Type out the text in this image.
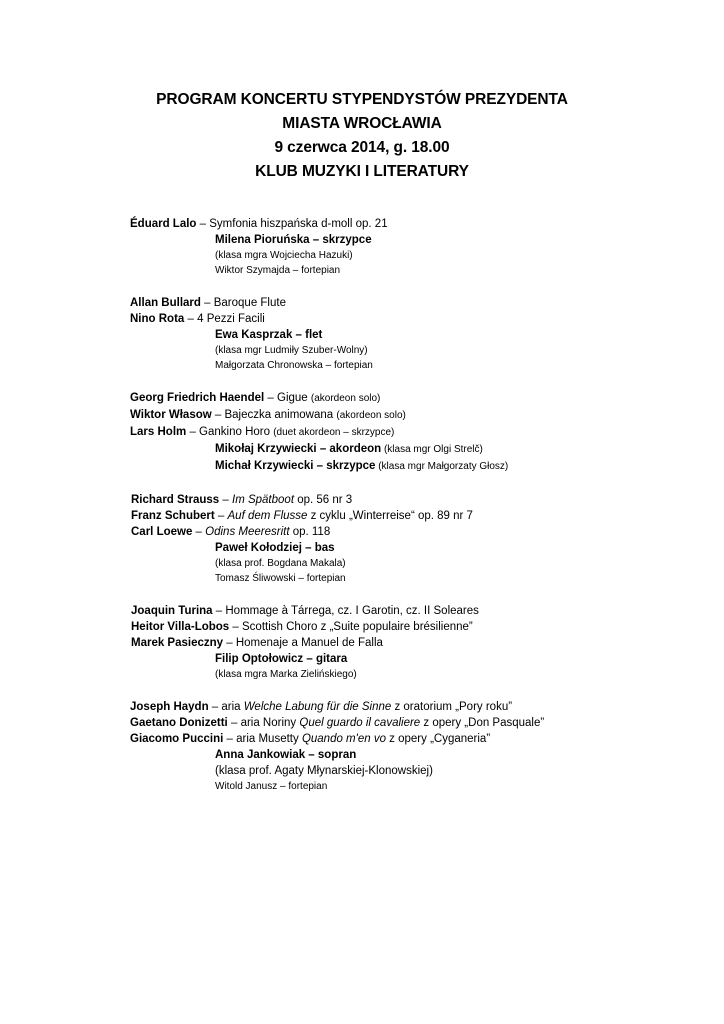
PROGRAM KONCERTU STYPENDYSTÓW PREZYDENTA
MIASTA WROCŁAWIA
9 czerwca 2014, g. 18.00
KLUB MUZYKI I LITERATURY
Éduard Lalo – Symfonia hiszpańska d-moll op. 21
Milena Pioruńska – skrzypce
(klasa mgra Wojciecha Hazuki)
Wiktor Szymajda – fortepian
Allan Bullard – Baroque Flute
Nino Rota – 4 Pezzi Facili
Ewa Kasprzak – flet
(klasa mgr Ludmiły Szuber-Wolny)
Małgorzata Chronowska – fortepian
Georg Friedrich Haendel – Gigue (akordeon solo)
Wiktor Własow – Bajeczka animowana (akordeon solo)
Lars Holm – Gankino Horo (duet akordeon – skrzypce)
Mikołaj Krzywiecki – akordeon (klasa mgr Olgi Strelč)
Michał Krzywiecki – skrzypce (klasa mgr Małgorzaty Głosz)
Richard Strauss – Im Spätboot op. 56 nr 3
Franz Schubert – Auf dem Flusse z cyklu „Winterreise“ op. 89 nr 7
Carl Loewe – Odins Meeresritt op. 118
Paweł Kołodziej – bas
(klasa prof. Bogdana Makala)
Tomasz Śliwowski – fortepian
Joaquin Turina – Hommage à Tárrega, cz. I Garotin, cz. II Soleares
Heitor Villa-Lobos – Scottish Choro z „Suite populaire brésilienne”
Marek Pasieczny – Homenaje a Manuel de Falla
Filip Optołowicz – gitara
(klasa mgra Marka Zielińskiego)
Joseph Haydn – aria Welche Labung für die Sinne z oratorium „Pory roku”
Gaetano Donizetti – aria Noriny Quel guardo il cavaliere z opery „Don Pasquale”
Giacomo Puccini – aria Musetty Quando m'en vo z opery „Cyganeria”
Anna Jankowiak – sopran
(klasa prof. Agaty Młynarskiej-Klonowskiej)
Witold Janusz – fortepian
